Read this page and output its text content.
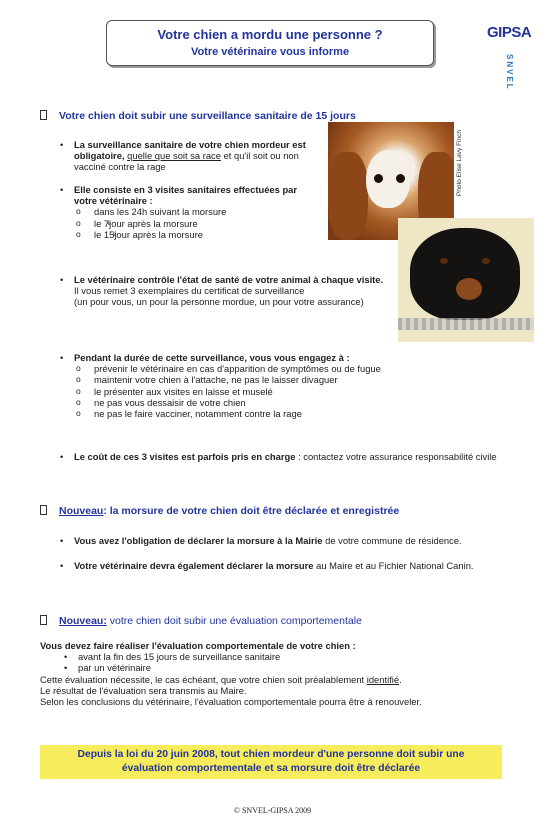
Votre chien a mordu une personne ?
Votre vétérinaire vous informe
GIPSA
SNVEL
Votre chien doit subir une surveillance sanitaire de 15 jours
Photo Elise Lavy Finch
• La surveillance sanitaire de votre chien mordeur est obligatoire, quelle que soit sa race et qu'il soit ou non vacciné contre la rage
• Elle consiste en 3 visites sanitaires effectuées par votre vétérinaire :
o dans les 24h suivant la morsure
o le 7ͤjour après la morsure
o le 15ͤjour après la morsure
• Le vétérinaire contrôle l'état de santé de votre animal à chaque visite. Il vous remet 3 exemplaires du certificat de surveillance
(un pour vous, un pour la personne mordue, un pour votre assurance)
• Pendant la durée de cette surveillance, vous vous engagez à :
o prévenir le vétérinaire en cas d'apparition de symptômes ou de fugue
o maintenir votre chien à l'attache, ne pas le laisser divaguer
o le présenter aux visites en laisse et muselé
o ne pas vous dessaisir de votre chien
o ne pas le faire vacciner, notamment contre la rage
• Le coût de ces 3 visites est parfois pris en charge : contactez votre assurance responsabilité civile
Nouveau: la morsure de votre chien doit être déclarée et enregistrée
• Vous avez l'obligation de déclarer la morsure à la Mairie de votre commune de résidence.
• Votre vétérinaire devra également déclarer la morsure au Maire et au Fichier National Canin.
Nouveau: votre chien doit subir une évaluation comportementale
Vous devez faire réaliser l'évaluation comportementale de votre chien :
• avant la fin des 15 jours de surveillance sanitaire
• par un vétérinaire
Cette évaluation nécessite, le cas échéant, que votre chien soit préalablement identifié.
Le résultat de l'évaluation sera transmis au Maire.
Selon les conclusions du vétérinaire, l'évaluation comportementale pourra être à renouveler.
Depuis la loi du 20 juin 2008, tout chien mordeur d'une personne doit subir une
évaluation comportementale et sa morsure doit être déclarée
© SNVEL-GIPSA 2009
